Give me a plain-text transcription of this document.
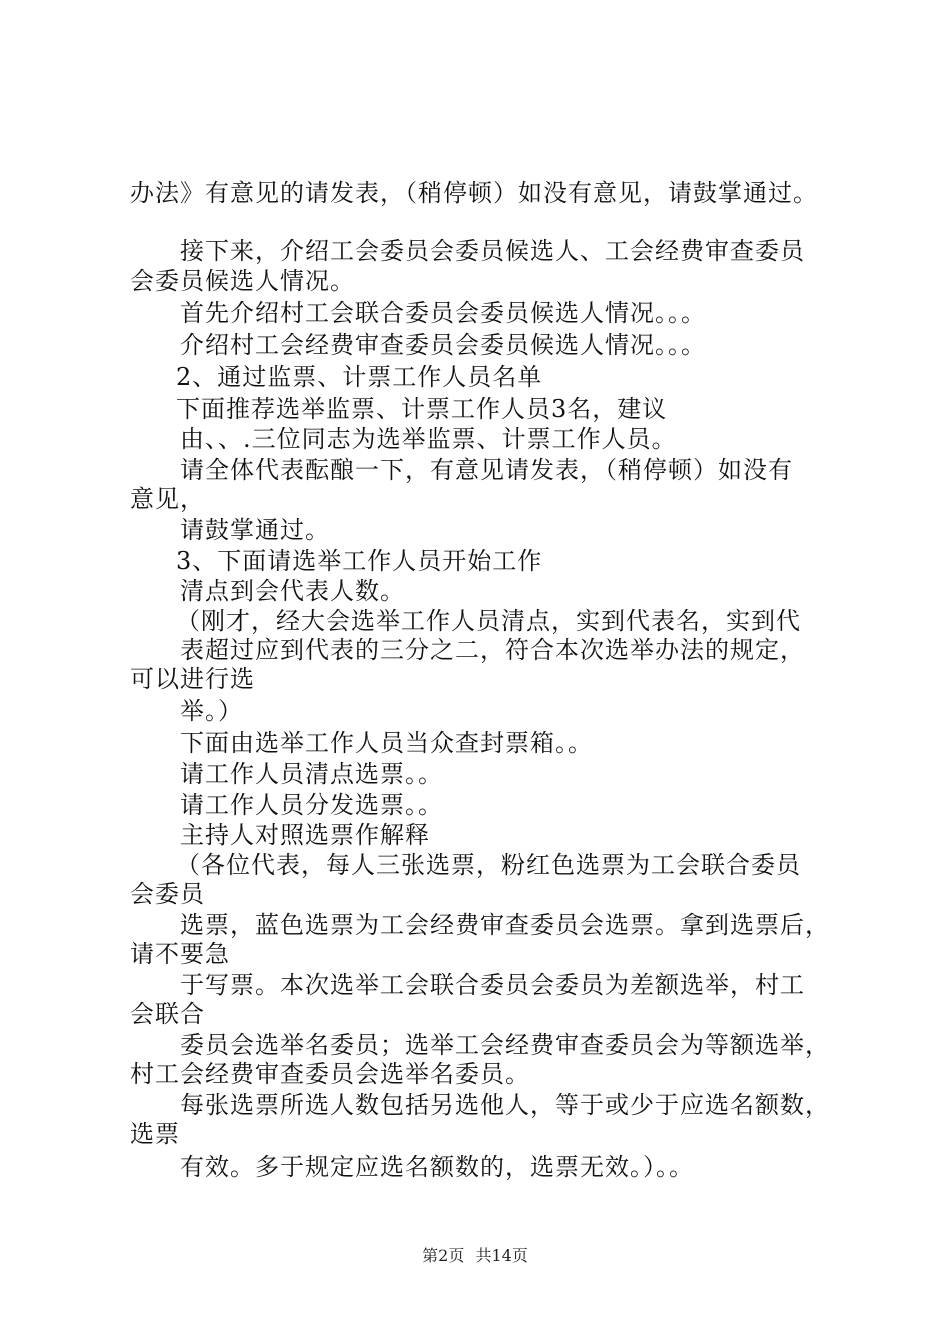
办法》有意见的请发表，（稍停顿）如没有意见，请鼓掌通过。
接下来，介绍工会委员会委员候选人、工会经费审查委员
会委员候选人情况。
首先介绍村工会联合委员会委员候选人情况。。。
介绍村工会经费审查委员会委员候选人情况。。。
2、通过监票、计票工作人员名单
下面推荐选举监票、计票工作人员3名，建议
由、、.三位同志为选举监票、计票工作人员。
请全体代表酝酿一下，有意见请发表，（稍停顿）如没有
意见，
请鼓掌通过。
3、下面请选举工作人员开始工作
清点到会代表人数。
（刚才，经大会选举工作人员清点，实到代表名，实到代
表超过应到代表的三分之二，符合本次选举办法的规定，
可以进行选
举。）
下面由选举工作人员当众查封票箱。。
请工作人员清点选票。。
请工作人员分发选票。。
主持人对照选票作解释
（各位代表，每人三张选票，粉红色选票为工会联合委员
会委员
选票，蓝色选票为工会经费审查委员会选票。拿到选票后，
请不要急
于写票。本次选举工会联合委员会委员为差额选举，村工
会联合
委员会选举名委员；选举工会经费审查委员会为等额选举，
村工会经费审查委员会选举名委员。
每张选票所选人数包括另选他人，等于或少于应选名额数，
选票
有效。多于规定应选名额数的，选票无效。）。。
第2页 共14页
